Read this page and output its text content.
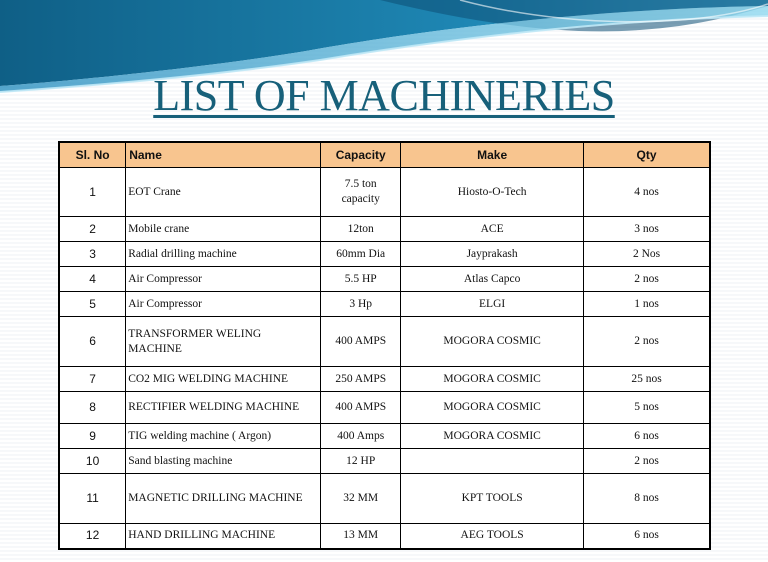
LIST OF MACHINERIES
Sl. No	Name	Capacity	Make	Qty
1	EOT Crane	7.5 ton capacity	Hiosto-O-Tech	4 nos
2	Mobile crane	12ton	ACE	3 nos
3	Radial drilling machine	60mm Dia	Jayprakash	2 Nos
4	Air Compressor	5.5 HP	Atlas Capco	2 nos
5	Air Compressor	3 Hp	ELGI	1 nos
6	TRANSFORMER WELING MACHINE	400 AMPS	MOGORA COSMIC	2 nos
7	CO2 MIG WELDING MACHINE	250 AMPS	MOGORA COSMIC	25 nos
8	RECTIFIER WELDING MACHINE	400 AMPS	MOGORA COSMIC	5 nos
9	TIG welding machine ( Argon)	400 Amps	MOGORA COSMIC	6 nos
10	Sand blasting machine	12 HP		2 nos
11	MAGNETIC DRILLING MACHINE	32 MM	KPT TOOLS	8 nos
12	HAND DRILLING MACHINE	13 MM	AEG TOOLS	6 nos
